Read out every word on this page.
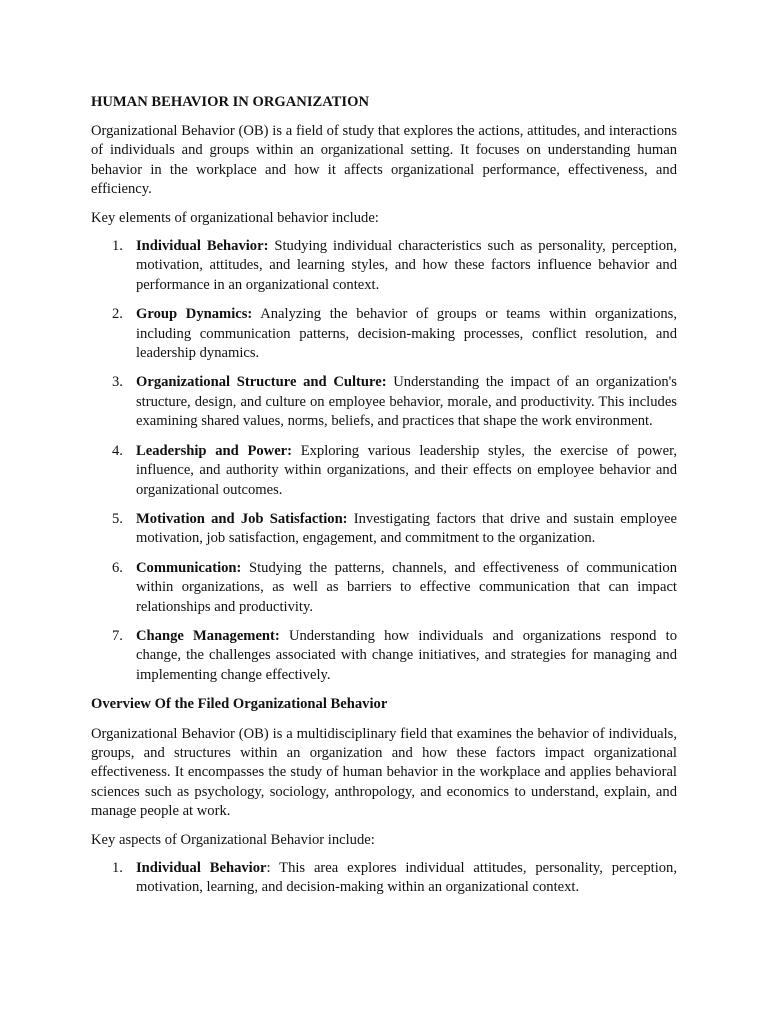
HUMAN BEHAVIOR IN ORGANIZATION

Organizational Behavior (OB) is a field of study that explores the actions, attitudes, and interactions of individuals and groups within an organizational setting. It focuses on understanding human behavior in the workplace and how it affects organizational performance, effectiveness, and efficiency.

Key elements of organizational behavior include:

1. Individual Behavior: Studying individual characteristics such as personality, perception, motivation, attitudes, and learning styles, and how these factors influence behavior and performance in an organizational context.
2. Group Dynamics: Analyzing the behavior of groups or teams within organizations, including communication patterns, decision-making processes, conflict resolution, and leadership dynamics.
3. Organizational Structure and Culture: Understanding the impact of an organization's structure, design, and culture on employee behavior, morale, and productivity. This includes examining shared values, norms, beliefs, and practices that shape the work environment.
4. Leadership and Power: Exploring various leadership styles, the exercise of power, influence, and authority within organizations, and their effects on employee behavior and organizational outcomes.
5. Motivation and Job Satisfaction: Investigating factors that drive and sustain employee motivation, job satisfaction, engagement, and commitment to the organization.
6. Communication: Studying the patterns, channels, and effectiveness of communication within organizations, as well as barriers to effective communication that can impact relationships and productivity.
7. Change Management: Understanding how individuals and organizations respond to change, the challenges associated with change initiatives, and strategies for managing and implementing change effectively.
Overview Of the Filed Organizational Behavior

Organizational Behavior (OB) is a multidisciplinary field that examines the behavior of individuals, groups, and structures within an organization and how these factors impact organizational effectiveness. It encompasses the study of human behavior in the workplace and applies behavioral sciences such as psychology, sociology, anthropology, and economics to understand, explain, and manage people at work.

Key aspects of Organizational Behavior include:

1. Individual Behavior: This area explores individual attitudes, personality, perception, motivation, learning, and decision-making within an organizational context.
